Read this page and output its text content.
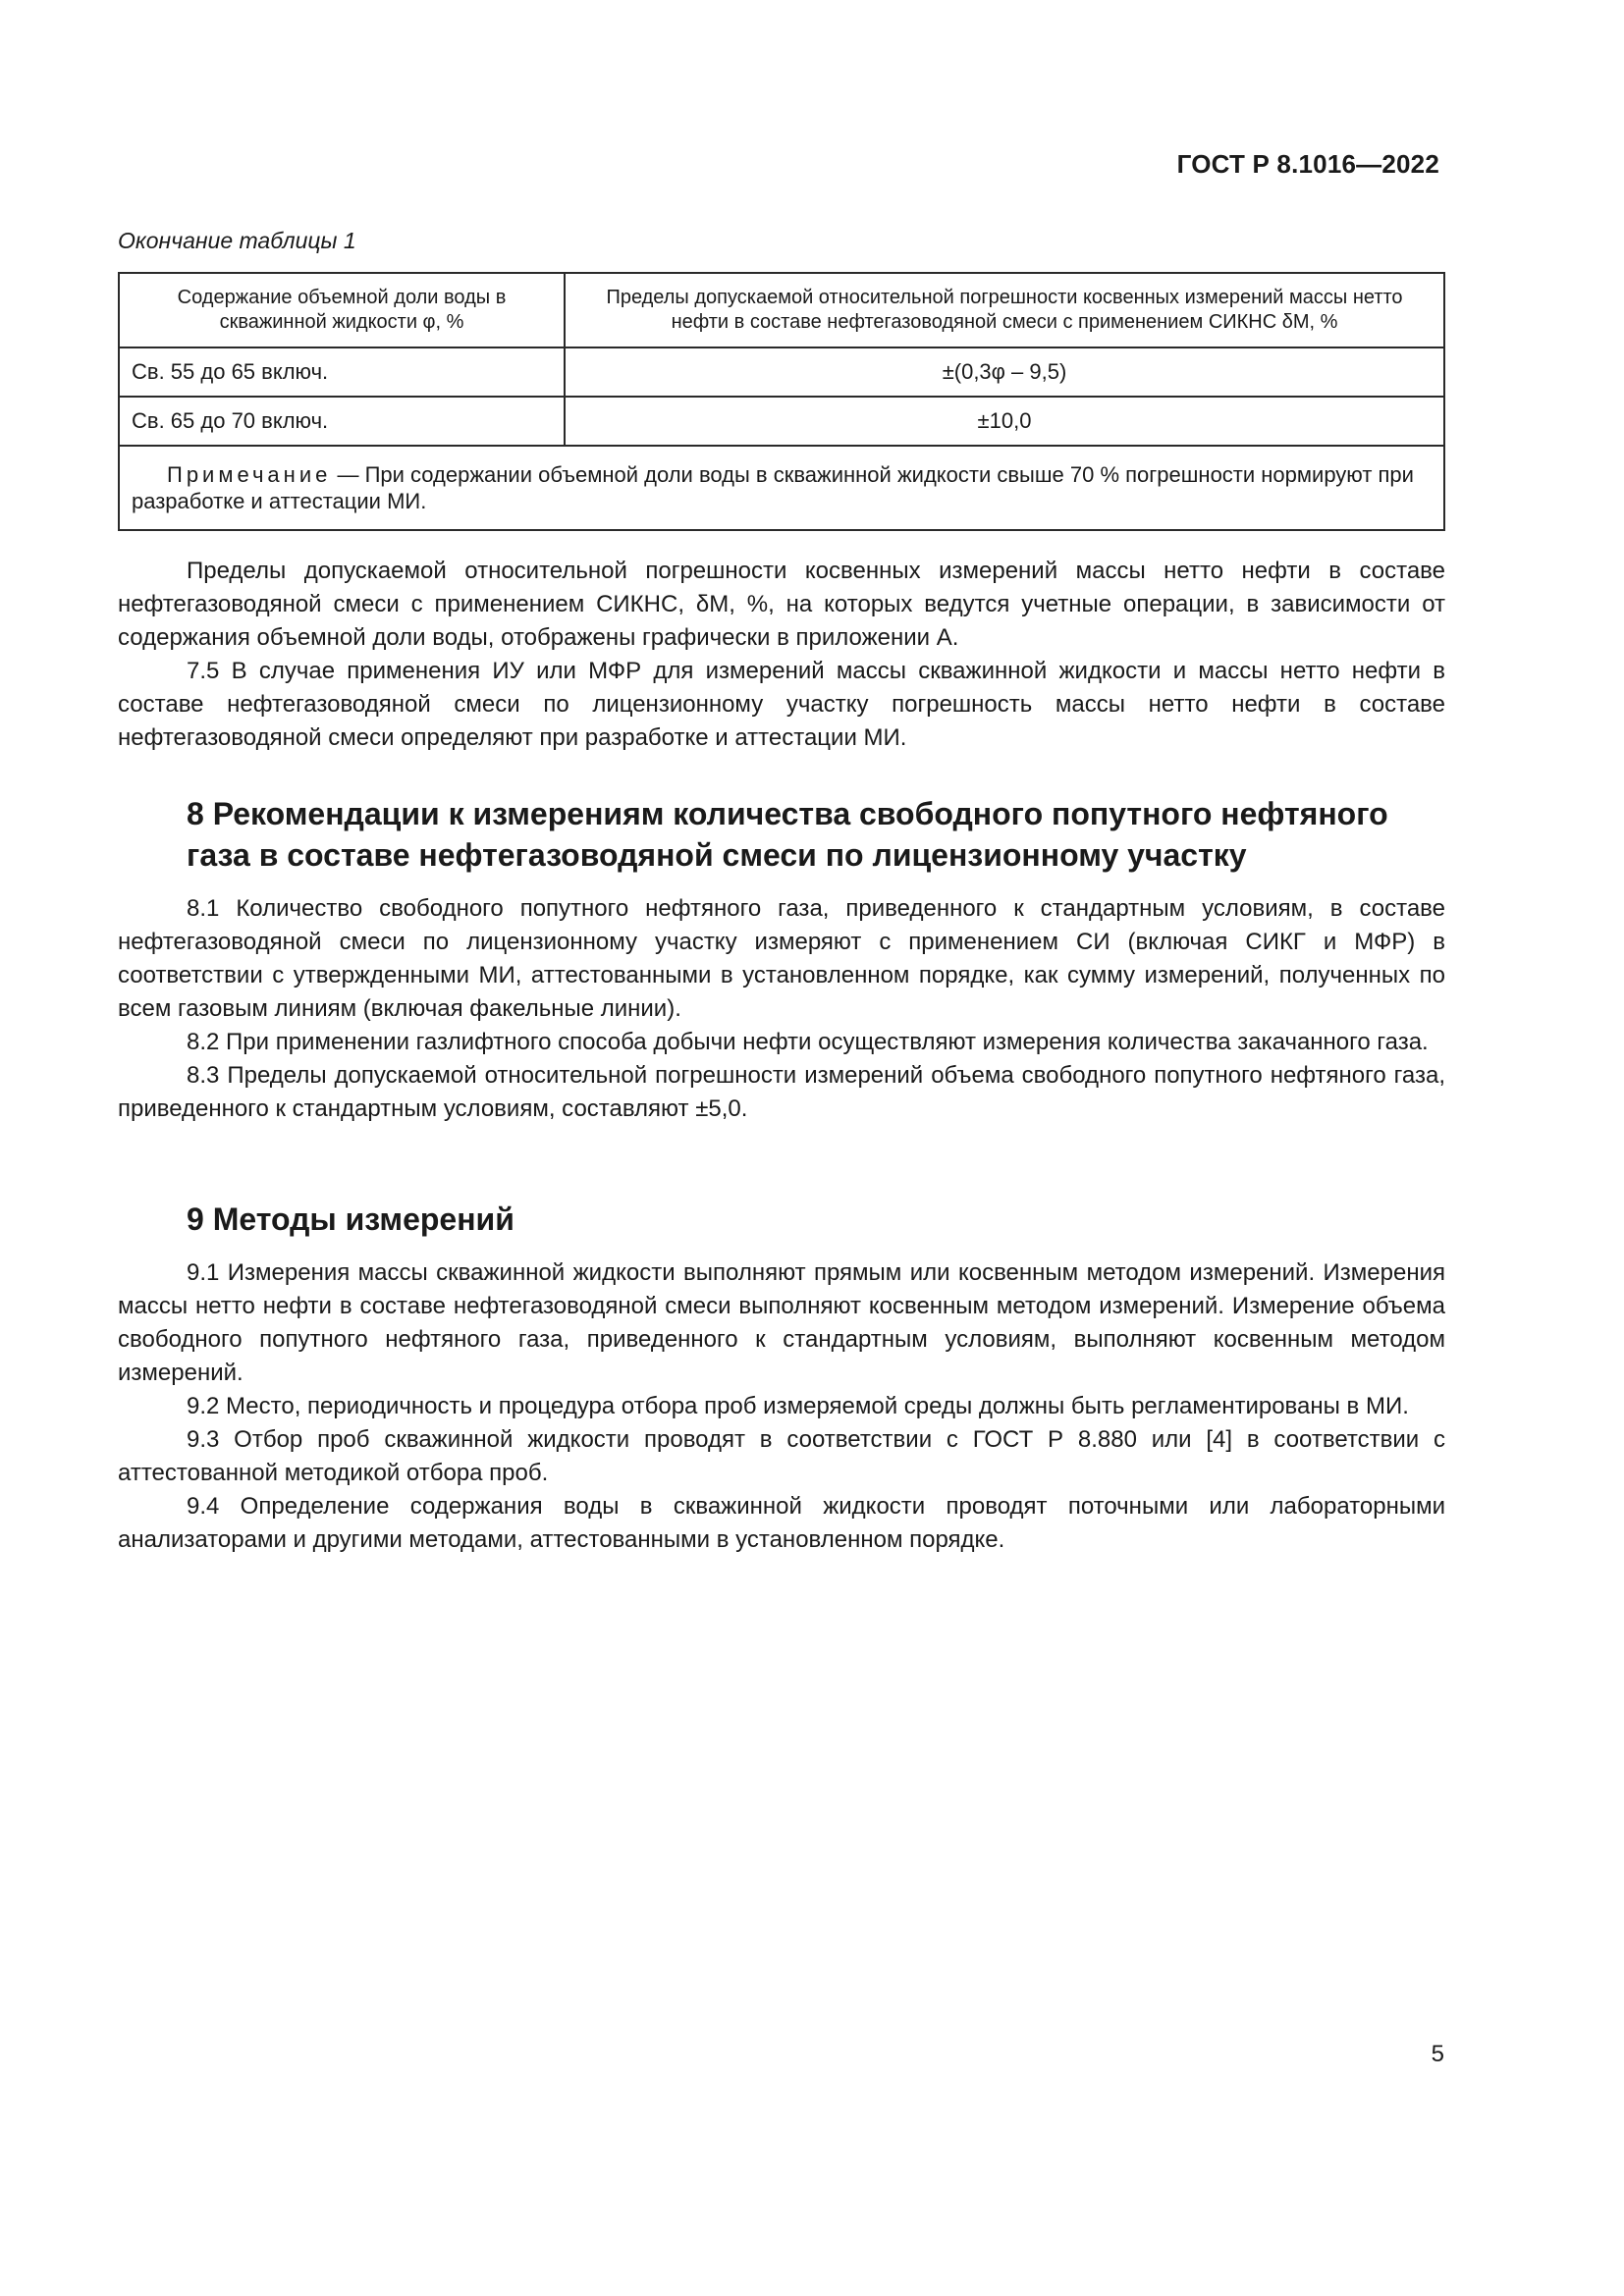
ГОСТ Р 8.1016—2022
Окончание таблицы 1
Содержание объемной доли воды в скважинной жидкости φ, %	Пределы допускаемой относительной погрешности косвенных измерений массы нетто нефти в составе нефтегазоводяной смеси с применением СИКНС δM, %
Св. 55 до 65 включ.	±(0,3φ – 9,5)
Св. 65 до 70 включ.	±10,0
Примечание — При содержании объемной доли воды в скважинной жидкости свыше 70 % погрешности нормируют при разработке и аттестации МИ.	

Пределы допускаемой относительной погрешности косвенных измерений массы нетто нефти в составе нефтегазоводяной смеси с применением СИКНС, δM, %, на которых ведутся учетные операции, в зависимости от содержания объемной доли воды, отображены графически в приложении А.

7.5 В случае применения ИУ или МФР для измерений массы скважинной жидкости и массы нетто нефти в составе нефтегазоводяной смеси по лицензионному участку погрешность массы нетто нефти в составе нефтегазоводяной смеси определяют при разработке и аттестации МИ.

8 Рекомендации к измерениям количества свободного попутного нефтяного газа в составе нефтегазоводяной смеси по лицензионному участку

8.1 Количество свободного попутного нефтяного газа, приведенного к стандартным условиям, в составе нефтегазоводяной смеси по лицензионному участку измеряют с применением СИ (включая СИКГ и МФР) в соответствии с утвержденными МИ, аттестованными в установленном порядке, как сумму измерений, полученных по всем газовым линиям (включая факельные линии).

8.2 При применении газлифтного способа добычи нефти осуществляют измерения количества закачанного газа.

8.3 Пределы допускаемой относительной погрешности измерений объема свободного попутного нефтяного газа, приведенного к стандартным условиям, составляют ±5,0.

9 Методы измерений

9.1 Измерения массы скважинной жидкости выполняют прямым или косвенным методом измерений. Измерения массы нетто нефти в составе нефтегазоводяной смеси выполняют косвенным методом измерений. Измерение объема свободного попутного нефтяного газа, приведенного к стандартным условиям, выполняют косвенным методом измерений.

9.2 Место, периодичность и процедура отбора проб измеряемой среды должны быть регламентированы в МИ.

9.3 Отбор проб скважинной жидкости проводят в соответствии с ГОСТ Р 8.880 или [4] в соответствии с аттестованной методикой отбора проб.

9.4 Определение содержания воды в скважинной жидкости проводят поточными или лабораторными анализаторами и другими методами, аттестованными в установленном порядке.

5
